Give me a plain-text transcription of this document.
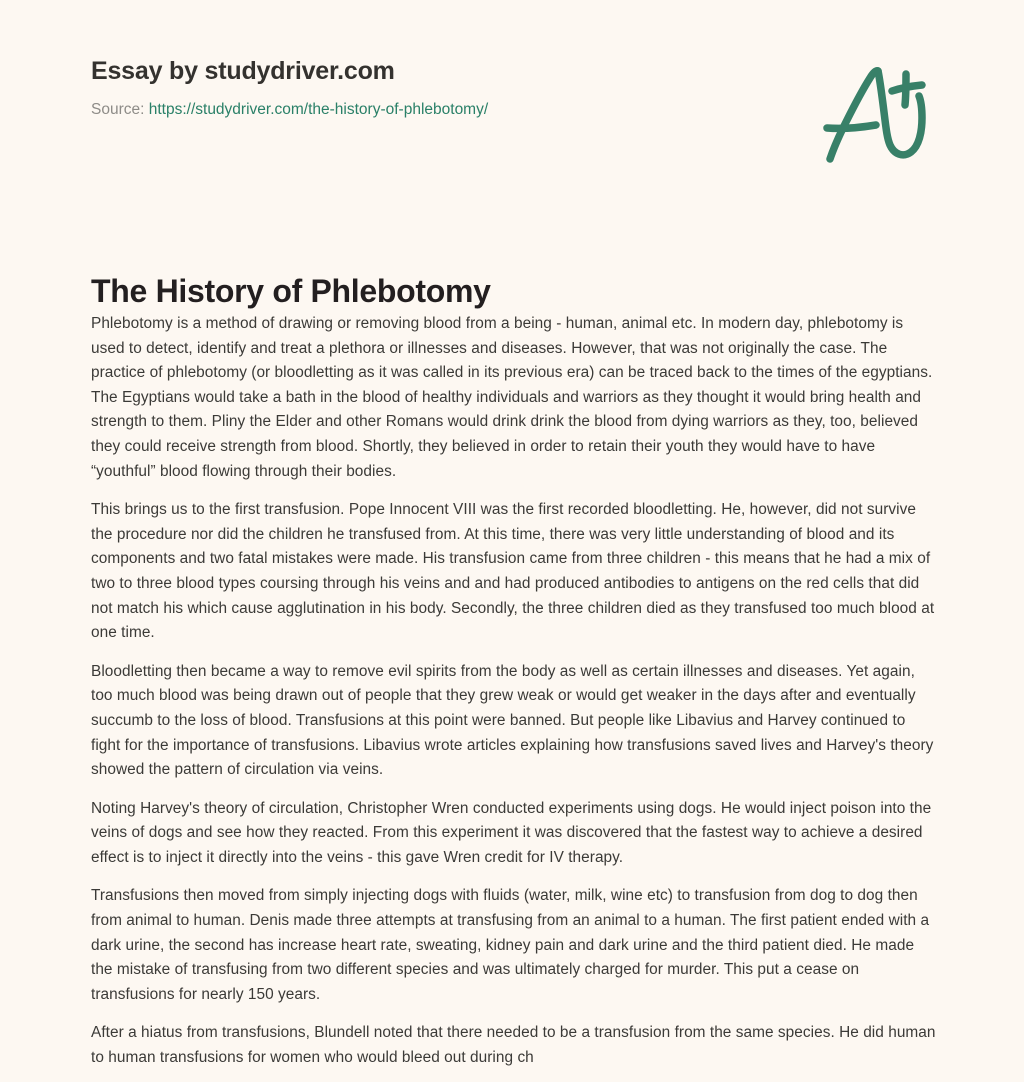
Essay by studydriver.com
Source: https://studydriver.com/the-history-of-phlebotomy/
The History of Phlebotomy

Phlebotomy is a method of drawing or removing blood from a being - human, animal etc. In modern day, phlebotomy is used to detect, identify and treat a plethora or illnesses and diseases. However, that was not originally the case. The practice of phlebotomy (or bloodletting as it was called in its previous era) can be traced back to the times of the egyptians. The Egyptians would take a bath in the blood of healthy individuals and warriors as they thought it would bring health and strength to them. Pliny the Elder and other Romans would drink drink the blood from dying warriors as they, too, believed they could receive strength from blood. Shortly, they believed in order to retain their youth they would have to have “youthful” blood flowing through their bodies.

This brings us to the first transfusion. Pope Innocent VIII was the first recorded bloodletting. He, however, did not survive the procedure nor did the children he transfused from. At this time, there was very little understanding of blood and its components and two fatal mistakes were made. His transfusion came from three children - this means that he had a mix of two to three blood types coursing through his veins and and had produced antibodies to antigens on the red cells that did not match his which cause agglutination in his body. Secondly, the three children died as they transfused too much blood at one time.

Bloodletting then became a way to remove evil spirits from the body as well as certain illnesses and diseases. Yet again, too much blood was being drawn out of people that they grew weak or would get weaker in the days after and eventually succumb to the loss of blood. Transfusions at this point were banned. But people like Libavius and Harvey continued to fight for the importance of transfusions. Libavius wrote articles explaining how transfusions saved lives and Harvey's theory showed the pattern of circulation via veins.

Noting Harvey's theory of circulation, Christopher Wren conducted experiments using dogs. He would inject poison into the veins of dogs and see how they reacted. From this experiment it was discovered that the fastest way to achieve a desired effect is to inject it directly into the veins - this gave Wren credit for IV therapy.

Transfusions then moved from simply injecting dogs with fluids (water, milk, wine etc) to transfusion from dog to dog then from animal to human. Denis made three attempts at transfusing from an animal to a human. The first patient ended with a dark urine, the second has increase heart rate, sweating, kidney pain and dark urine and the third patient died. He made the mistake of transfusing from two different species and was ultimately charged for murder. This put a cease on transfusions for nearly 150 years.

After a hiatus from transfusions, Blundell noted that there needed to be a transfusion from the same species. He did human to human transfusions for women who would bleed out during ch
